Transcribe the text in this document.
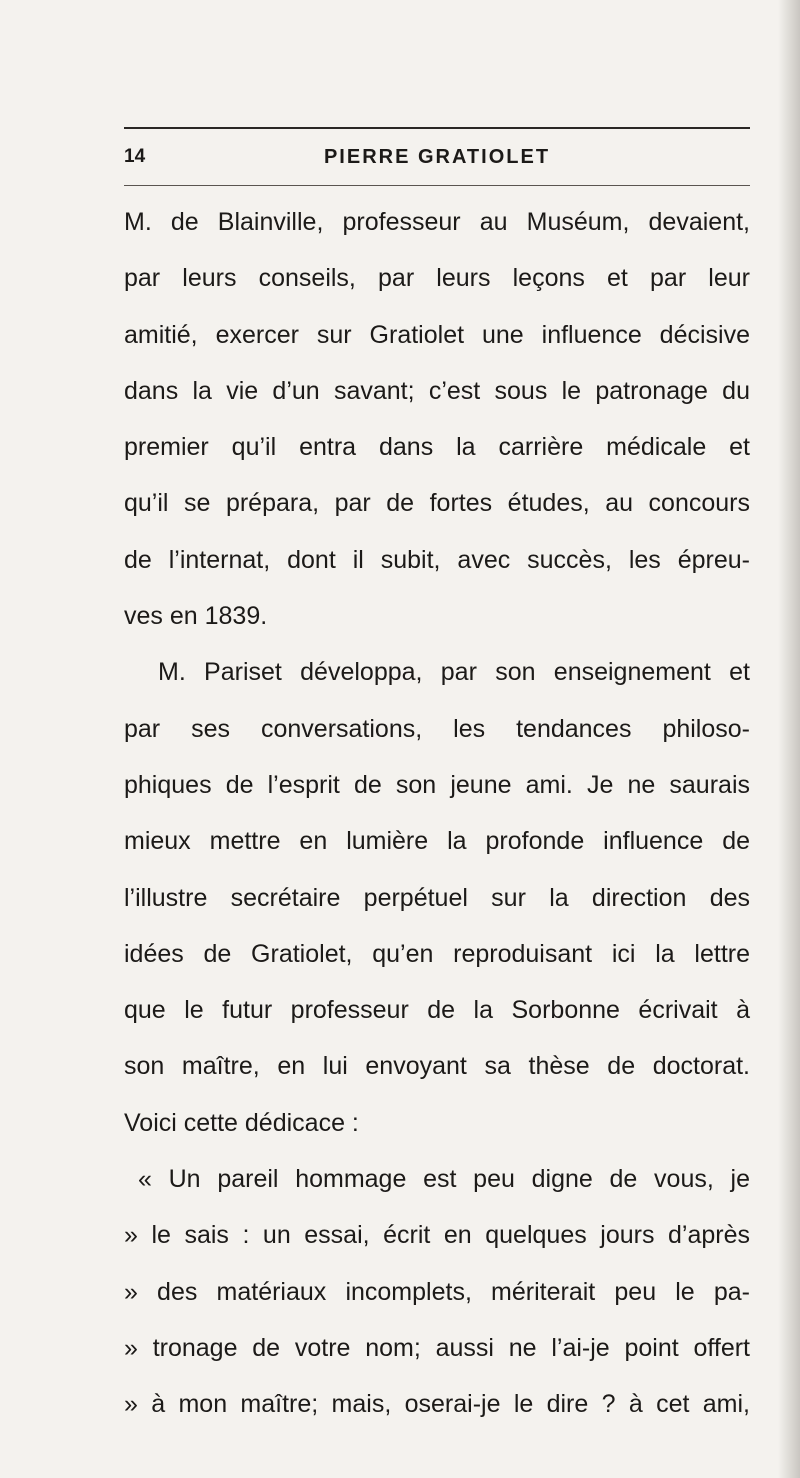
14	PIERRE GRATIOLET
M. de Blainville, professeur au Muséum, devaient,
par leurs conseils, par leurs leçons et par leur
amitié, exercer sur Gratiolet une influence décisive
dans la vie d’un savant; c’est sous le patronage du
premier qu’il entra dans la carrière médicale et
qu’il se prépara, par de fortes études, au concours
de l’internat, dont il subit, avec succès, les épreu-
ves en 1839.
M. Pariset développa, par son enseignement et
par ses conversations, les tendances philoso-
phiques de l’esprit de son jeune ami. Je ne saurais
mieux mettre en lumière la profonde influence de
l’illustre secrétaire perpétuel sur la direction des
idées de Gratiolet, qu’en reproduisant ici la lettre
que le futur professeur de la Sorbonne écrivait à
son maître, en lui envoyant sa thèse de doctorat.
Voici cette dédicace :
« Un pareil hommage est peu digne de vous, je
» le sais : un essai, écrit en quelques jours d’après
» des matériaux incomplets, mériterait peu le pa-
» tronage de votre nom; aussi ne l’ai-je point offert
» à mon maître; mais, oserai-je le dire ? à cet ami,
